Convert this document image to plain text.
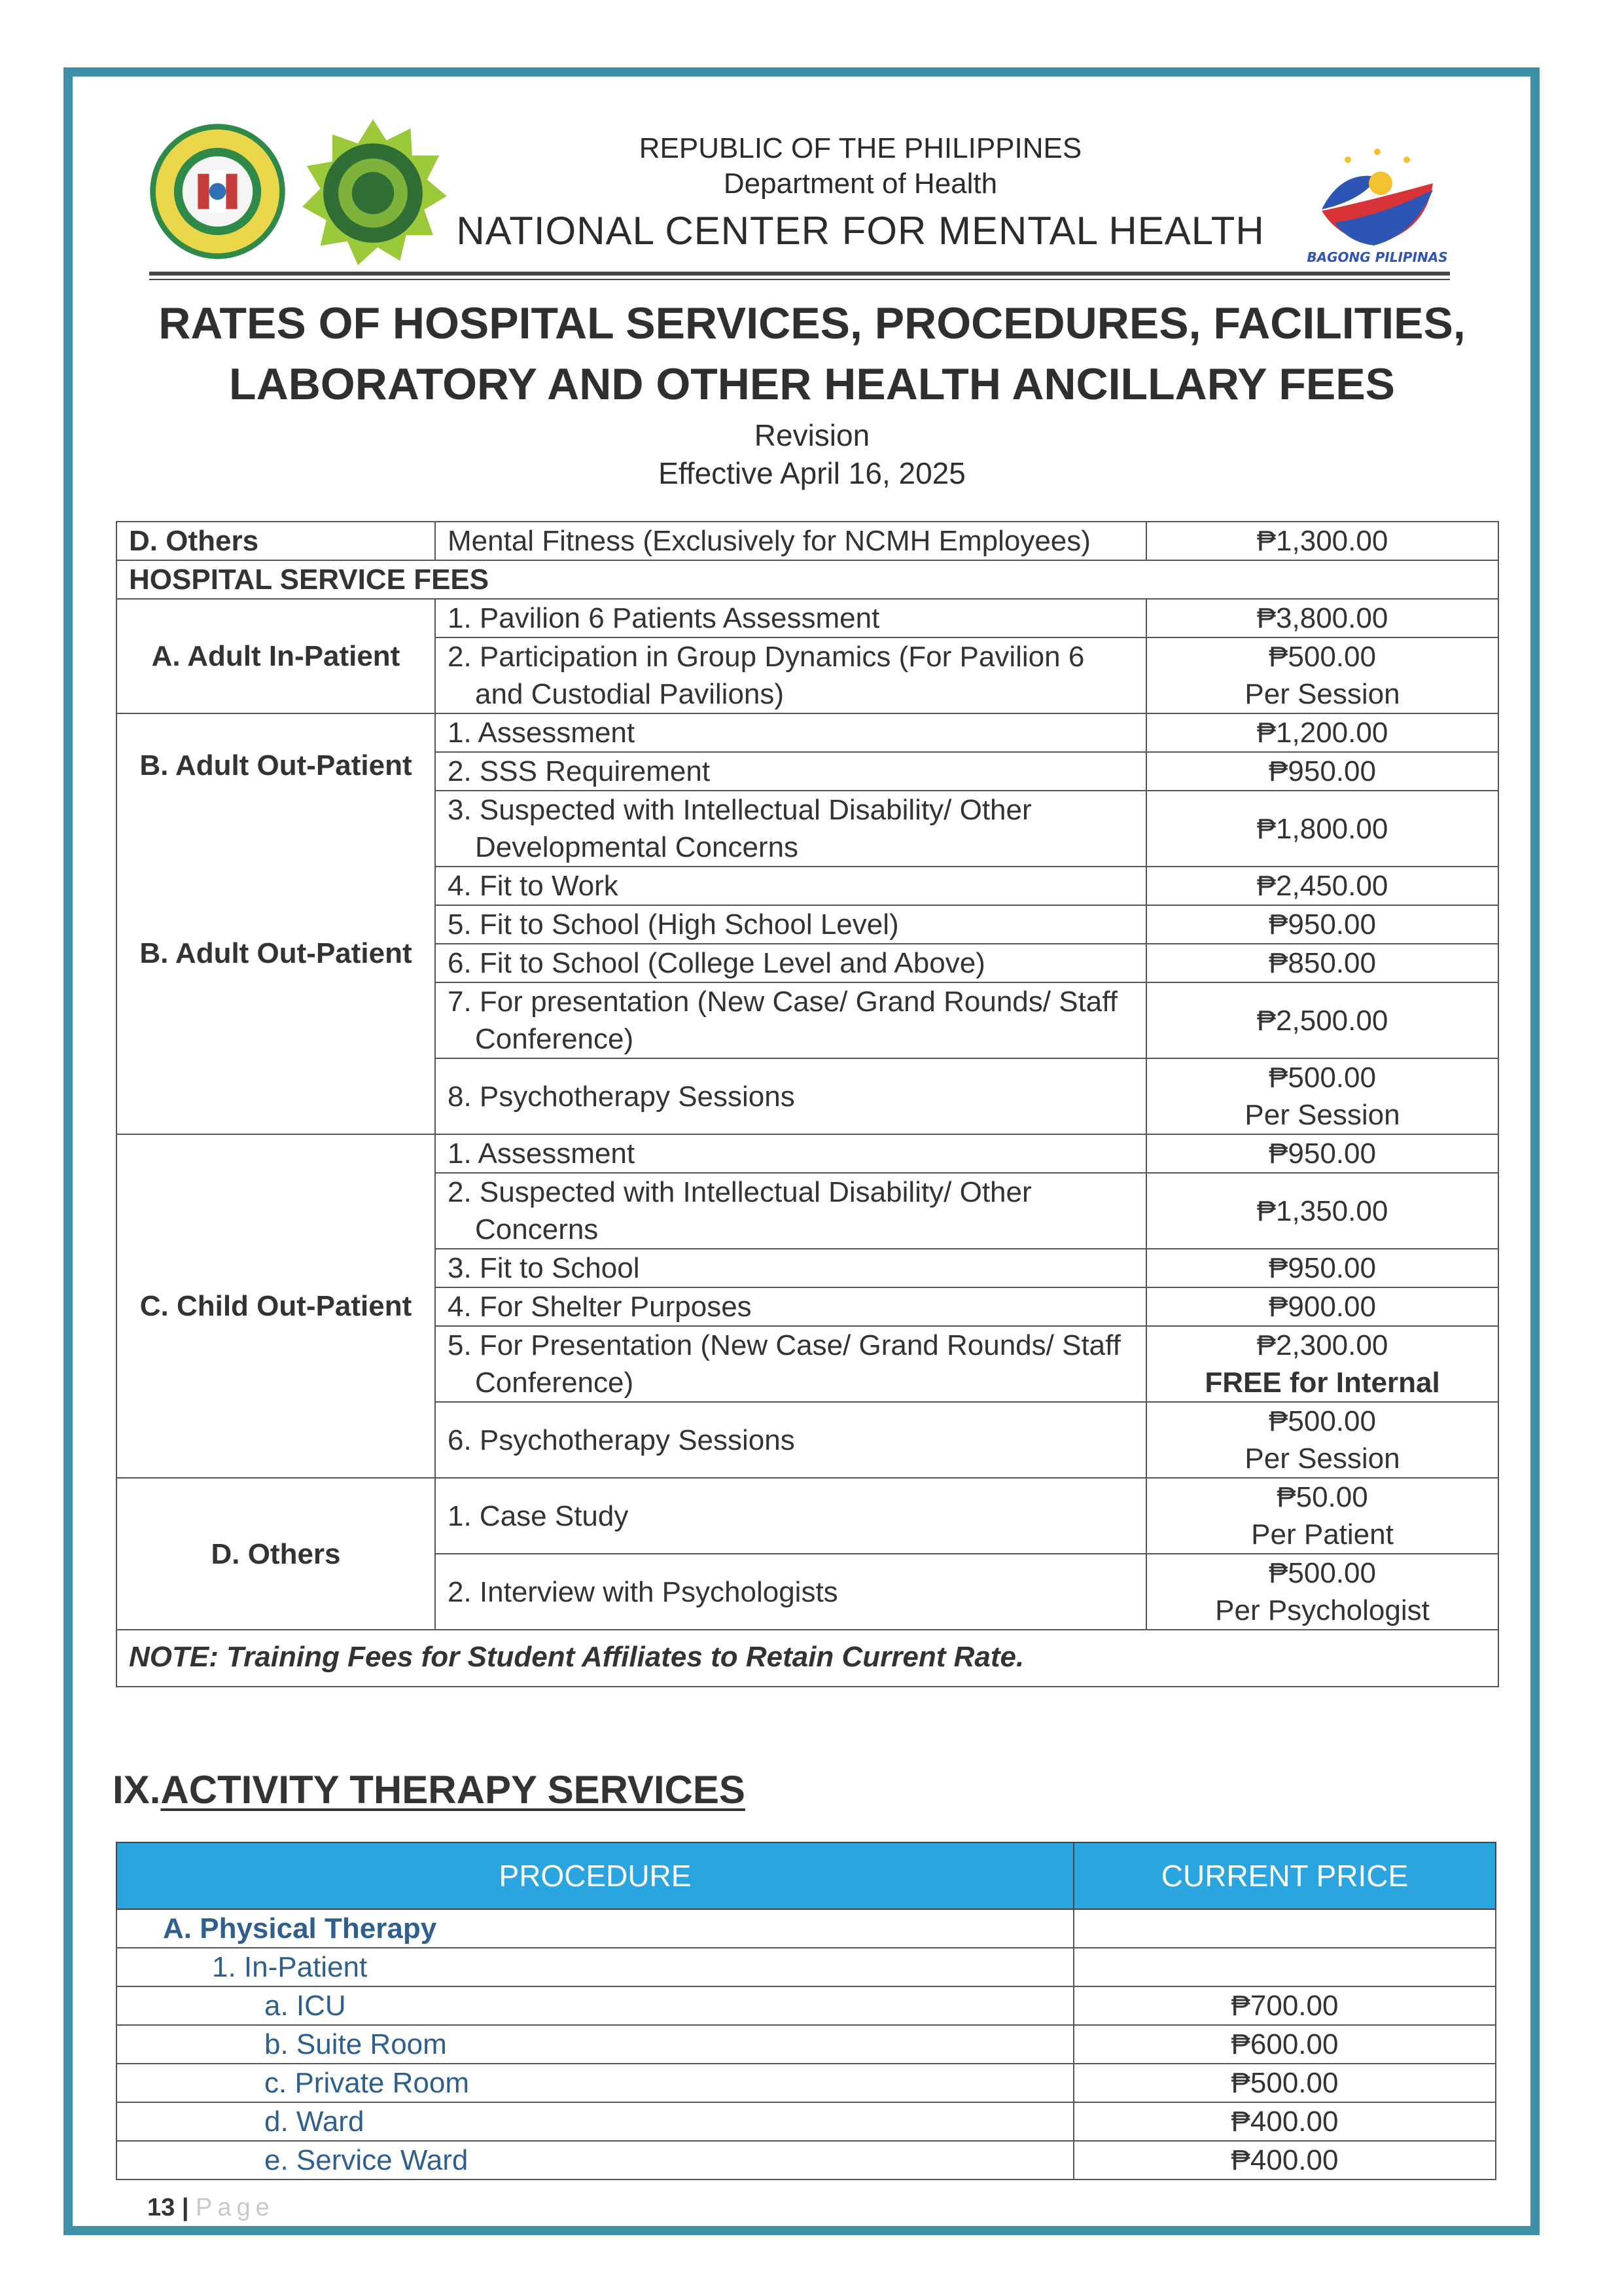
BAGONG PILIPINAS
REPUBLIC OF THE PHILIPPINES
Department of Health
NATIONAL CENTER FOR MENTAL HEALTH
RATES OF HOSPITAL SERVICES, PROCEDURES, FACILITIES,
LABORATORY AND OTHER HEALTH ANCILLARY FEES
Revision
Effective April 16, 2025
D. Others	Mental Fitness (Exclusively for NCMH Employees)	₱1,300.00
HOSPITAL SERVICE FEES		
A. Adult In-Patient	1. Pavilion 6 Patients Assessment	₱3,800.00
	2. Participation in Group Dynamics (For Pavilion 6 and Custodial Pavilions)	₱500.00
Per Session

B. Adult Out-Patient
B. Adult Out-Patient	1. Assessment	₱1,200.00
	2. SSS Requirement	₱950.00
	3. Suspected with Intellectual Disability/ Other Developmental Concerns	₱1,800.00
	4. Fit to Work	₱2,450.00
	5. Fit to School (High School Level)	₱950.00
	6. Fit to School (College Level and Above)	₱850.00
	7. For presentation (New Case/ Grand Rounds/ Staff Conference)	₱2,500.00
	8. Psychotherapy Sessions	₱500.00
Per Session

C. Child Out-Patient	1. Assessment	₱950.00
	2. Suspected with Intellectual Disability/ Other Concerns	₱1,350.00
	3. Fit to School	₱950.00
	4. For Shelter Purposes	₱900.00
	5. For Presentation (New Case/ Grand Rounds/ Staff Conference)	₱2,300.00
FREE for Internal

	6. Psychotherapy Sessions	₱500.00
Per Session

D. Others	1. Case Study	₱50.00
Per Patient

	2. Interview with Psychologists	₱500.00
Per Psychologist

NOTE: Training Fees for Student Affiliates to Retain Current Rate.		
IX.ACTIVITY THERAPY SERVICES
PROCEDURE	CURRENT PRICE
A. Physical Therapy	
1. In-Patient	
a. ICU	₱700.00
b. Suite Room	₱600.00
c. Private Room	₱500.00
d. Ward	₱400.00
e. Service Ward	₱400.00
13 | Page
